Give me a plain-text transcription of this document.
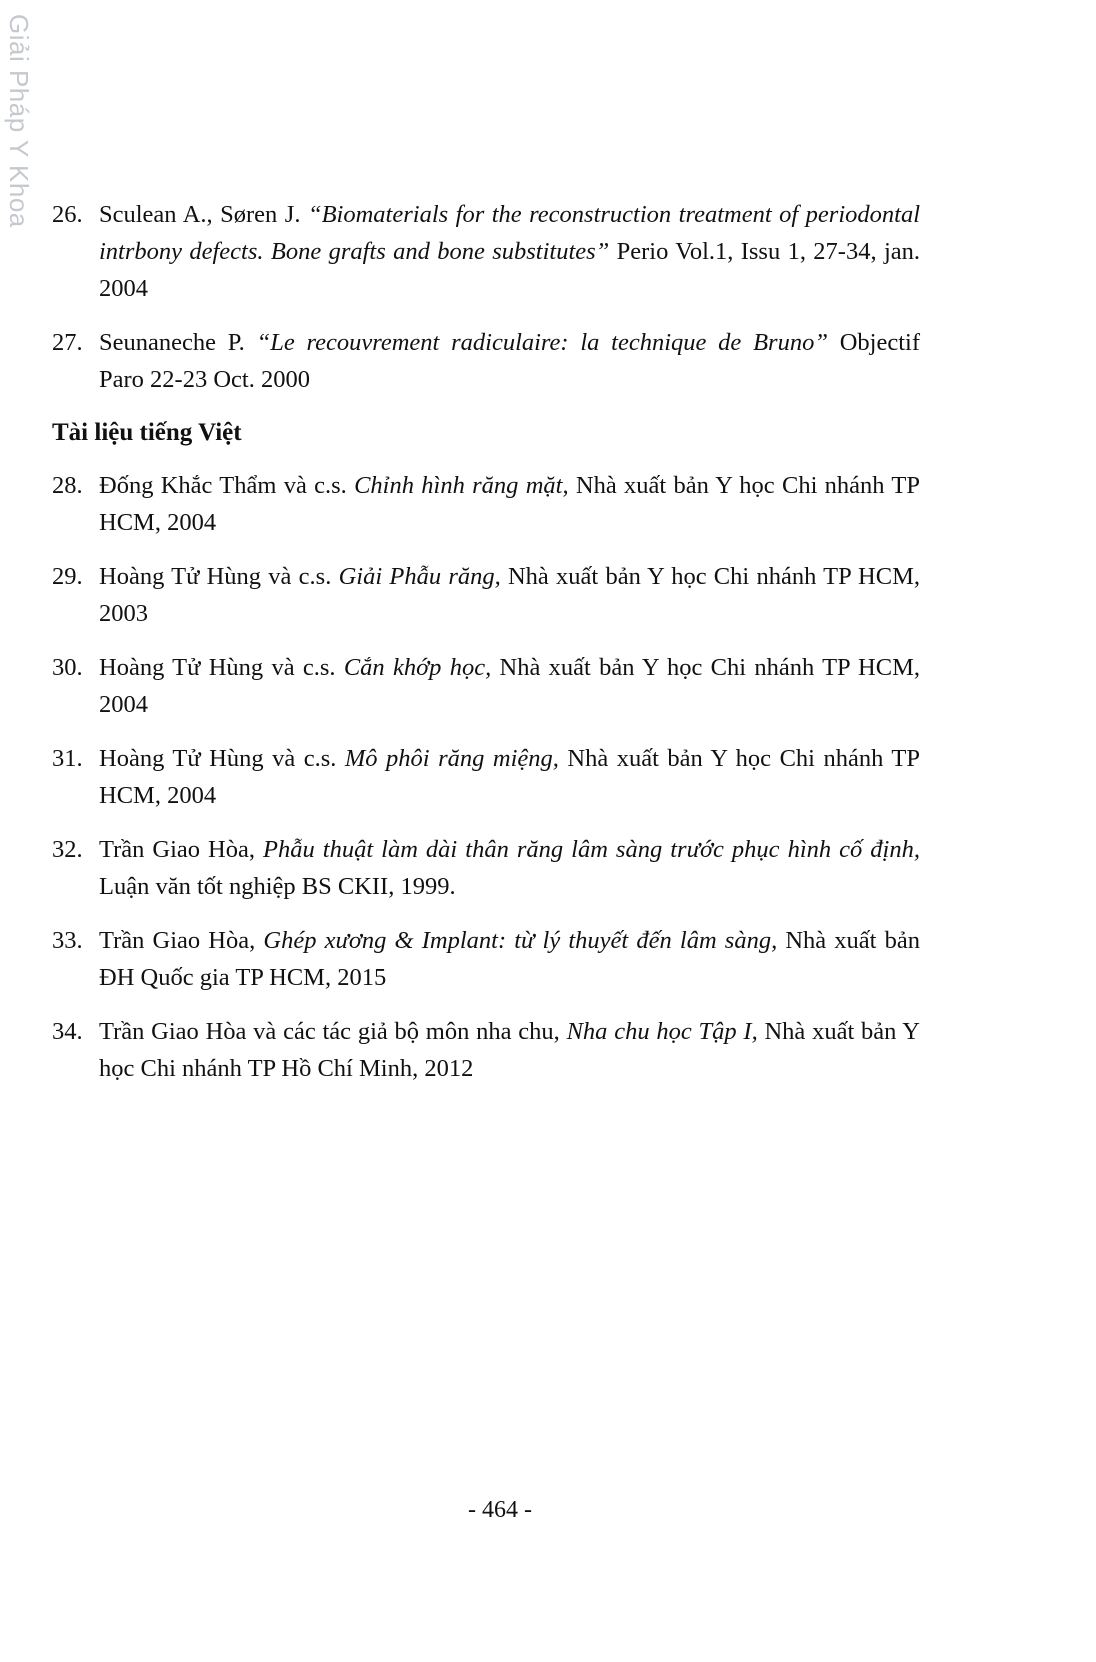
Giải Pháp Y Khoa 26. Sculean A., Søren J. “Biomaterials for the reconstruction treatment of periodontal intrbony defects. Bone grafts and bone substitutes” Perio Vol.1, Issu 1, 27-34, jan. 2004
27. Seunaneche P. “Le recouvrement radiculaire: la technique de Bruno” Objectif Paro 22-23 Oct. 2000
Tài liệu tiếng Việt
28. Đống Khắc Thẩm và c.s. Chỉnh hình răng mặt, Nhà xuất bản Y học Chi nhánh TP HCM, 2004
29. Hoàng Tử Hùng và c.s. Giải Phẫu răng, Nhà xuất bản Y học Chi nhánh TP HCM, 2003
30. Hoàng Tử Hùng và c.s. Cắn khớp học, Nhà xuất bản Y học Chi nhánh TP HCM, 2004
31. Hoàng Tử Hùng và c.s. Mô phôi răng miệng, Nhà xuất bản Y học Chi nhánh TP HCM, 2004
32. Trần Giao Hòa, Phẫu thuật làm dài thân răng lâm sàng trước phục hình cố định, Luận văn tốt nghiệp BS CKII, 1999.
33. Trần Giao Hòa, Ghép xương & Implant: từ lý thuyết đến lâm sàng, Nhà xuất bản ĐH Quốc gia TP HCM, 2015
34. Trần Giao Hòa và các tác giả bộ môn nha chu, Nha chu học Tập I, Nhà xuất bản Y học Chi nhánh TP Hồ Chí Minh, 2012
- 464 -
